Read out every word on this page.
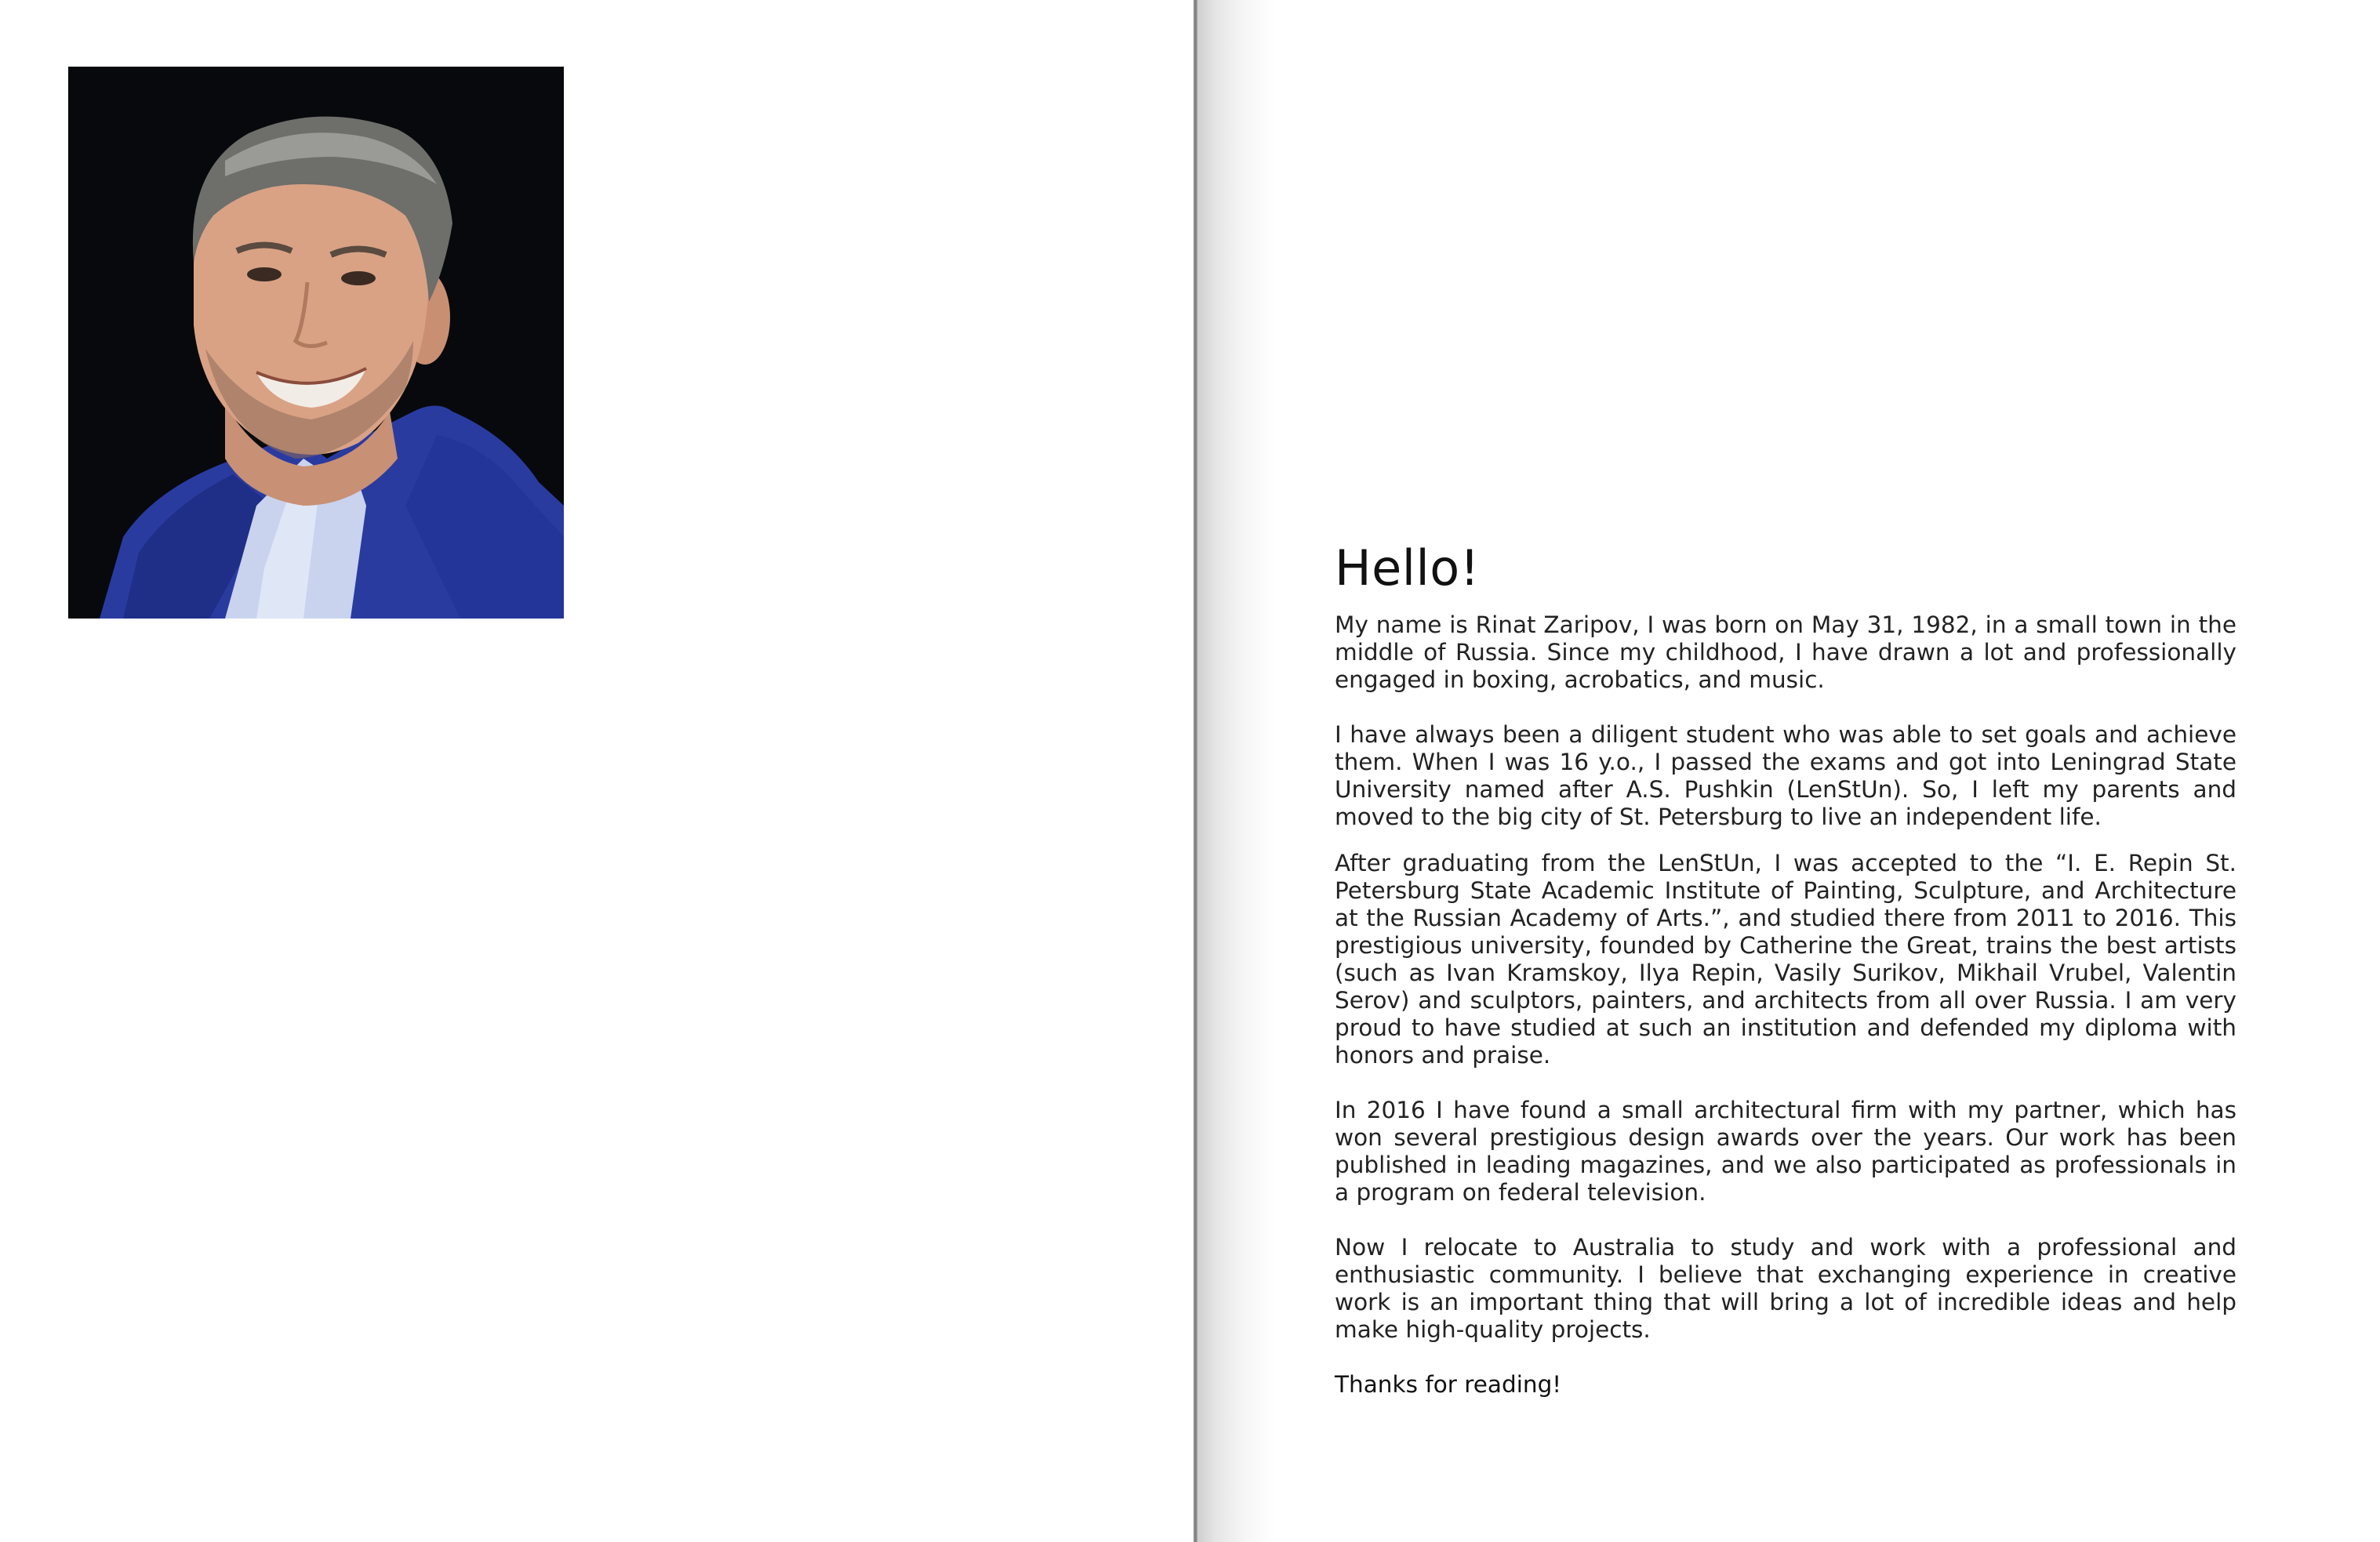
Hello!

My name is Rinat Zaripov, I was born on May 31, 1982, in a small town in the middle of Russia. Since my childhood, I have drawn a lot and professionally engaged in boxing, acrobatics, and music.

I have always been a diligent student who was able to set goals and achieve them. When I was 16 y.o., I passed the exams and got into Leningrad State University named after A.S. Pushkin (LenStUn). So, I left my parents and moved to the big city of St. Petersburg to live an independent life.

After graduating from the LenStUn, I was accepted to the “I. E. Repin St. Petersburg State Academic Institute of Painting, Sculpture, and Architecture at the Russian Academy of Arts.”, and studied there from 2011 to 2016. This prestigious university, founded by Catherine the Great, trains the best artists (such as Ivan Kramskoy, Ilya Repin, Vasily Surikov, Mikhail Vrubel, Valentin Serov) and sculptors, painters, and architects from all over Russia. I am very proud to have studied at such an institution and defended my diploma with honors and praise.

In 2016 I have found a small architectural firm with my partner, which has won several prestigious design awards over the years. Our work has been published in leading magazines, and we also participated as professionals in a program on federal television.

Now I relocate to Australia to study and work with a professional and enthusiastic community. I believe that exchanging experience in creative work is an important thing that will bring a lot of incredible ideas and help make high-quality projects.

Thanks for reading!
